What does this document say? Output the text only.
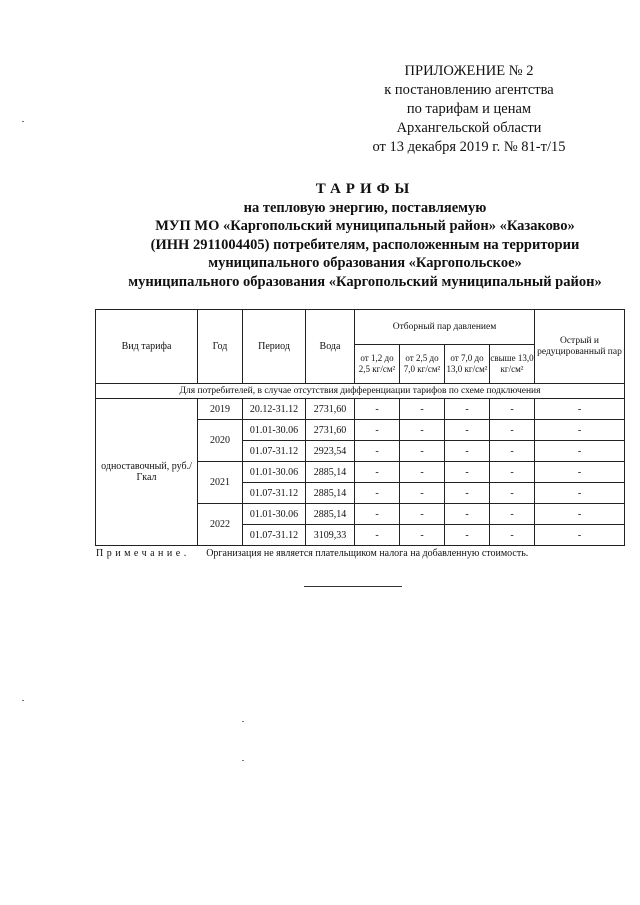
ПРИЛОЖЕНИЕ № 2
к постановлению агентства
по тарифам и ценам
Архангельской области
от 13 декабря 2019 г. № 81-т/15
ТАРИФЫ
на тепловую энергию, поставляемую
МУП МО «Каргопольский муниципальный район» «Казаково»
(ИНН 2911004405) потребителям, расположенным на территории
муниципального образования «Каргопольское»
муниципального образования «Каргопольский муниципальный район»
Вид тарифа	Год	Период	Вода	Отборный пар давлением				Острый и редуцированный пар
				от 1,2 до 2,5 кг/см²	от 2,5 до 7,0 кг/см²	от 7,0 до 13,0 кг/см²	свыше 13,0 кг/см²	
Для потребителей, в случае отсутствия дифференциации тарифов по схеме подключения								
одноставочный, руб./Гкал	2019	20.12-31.12	2731,60	-	-	-	-	-
	2020	01.01-30.06	2731,60	-	-	-	-	-
		01.07-31.12	2923,54	-	-	-	-	-
	2021	01.01-30.06	2885,14	-	-	-	-	-
		01.07-31.12	2885,14	-	-	-	-	-
	2022	01.01-30.06	2885,14	-	-	-	-	-
		01.07-31.12	3109,33	-	-	-	-	-
Примечание. Организация не является плательщиком налога на добавленную стоимость.
